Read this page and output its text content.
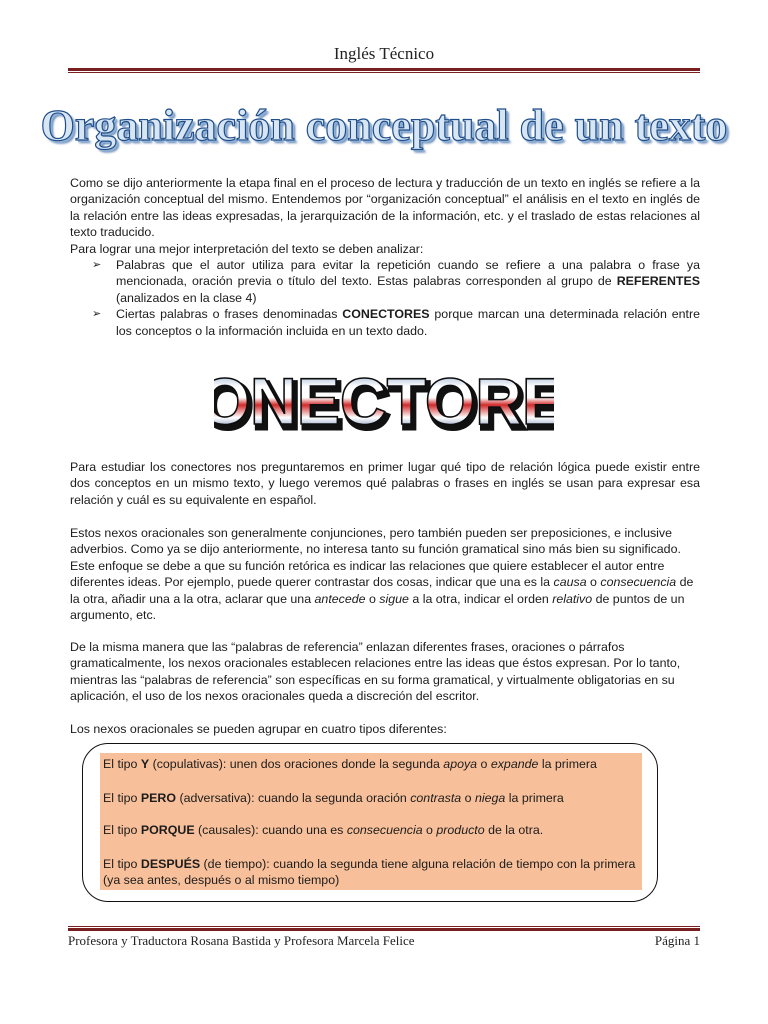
Inglés Técnico
Organización conceptual de un texto
Como se dijo anteriormente la etapa final en el proceso de lectura y traducción de un texto en inglés se refiere a la organización conceptual del mismo. Entendemos por “organización conceptual” el análisis en el texto en inglés de la relación entre las ideas expresadas, la jerarquización de la información, etc. y el traslado de estas relaciones al texto traducido.
Para lograr una mejor interpretación del texto se deben analizar:
➢ Palabras que el autor utiliza para evitar la repetición cuando se refiere a una palabra o frase ya mencionada, oración previa o título del texto. Estas palabras corresponden al grupo de REFERENTES (analizados en la clase 4)
➢ Ciertas palabras o frases denominadas CONECTORES porque marcan una determinada relación entre los conceptos o la información incluida en un texto dado.
NECTOR
NECTOR
Para estudiar los conectores nos preguntaremos en primer lugar qué tipo de relación lógica puede existir entre dos conceptos en un mismo texto, y luego veremos qué palabras o frases en inglés se usan para expresar esa relación y cuál es su equivalente en español.
Estos nexos oracionales son generalmente conjunciones, pero también pueden ser preposiciones, e inclusive adverbios. Como ya se dijo anteriormente, no interesa tanto su función gramatical sino más bien su significado. Este enfoque se debe a que su función retórica es indicar las relaciones que quiere establecer el autor entre diferentes ideas. Por ejemplo, puede querer contrastar dos cosas, indicar que una es la causa o consecuencia de la otra, añadir una a la otra, aclarar que una antecede o sigue a la otra, indicar el orden relativo de puntos de un argumento, etc.
De la misma manera que las “palabras de referencia” enlazan diferentes frases, oraciones o párrafos gramaticalmente, los nexos oracionales establecen relaciones entre las ideas que éstos expresan. Por lo tanto, mientras las “palabras de referencia” son específicas en su forma gramatical, y virtualmente obligatorias en su aplicación, el uso de los nexos oracionales queda a discreción del escritor.
Los nexos oracionales se pueden agrupar en cuatro tipos diferentes:
El tipo Y (copulativas): unen dos oraciones donde la segunda apoya o expande la primera
El tipo PERO (adversativa): cuando la segunda oración contrasta o niega la primera
El tipo PORQUE (causales): cuando una es consecuencia o producto de la otra.
El tipo DESPUÉS (de tiempo): cuando la segunda tiene alguna relación de tiempo con la primera (ya sea antes, después o al mismo tiempo)
Profesora y Traductora Rosana Bastida y Profesora Marcela Felice	Página 1
